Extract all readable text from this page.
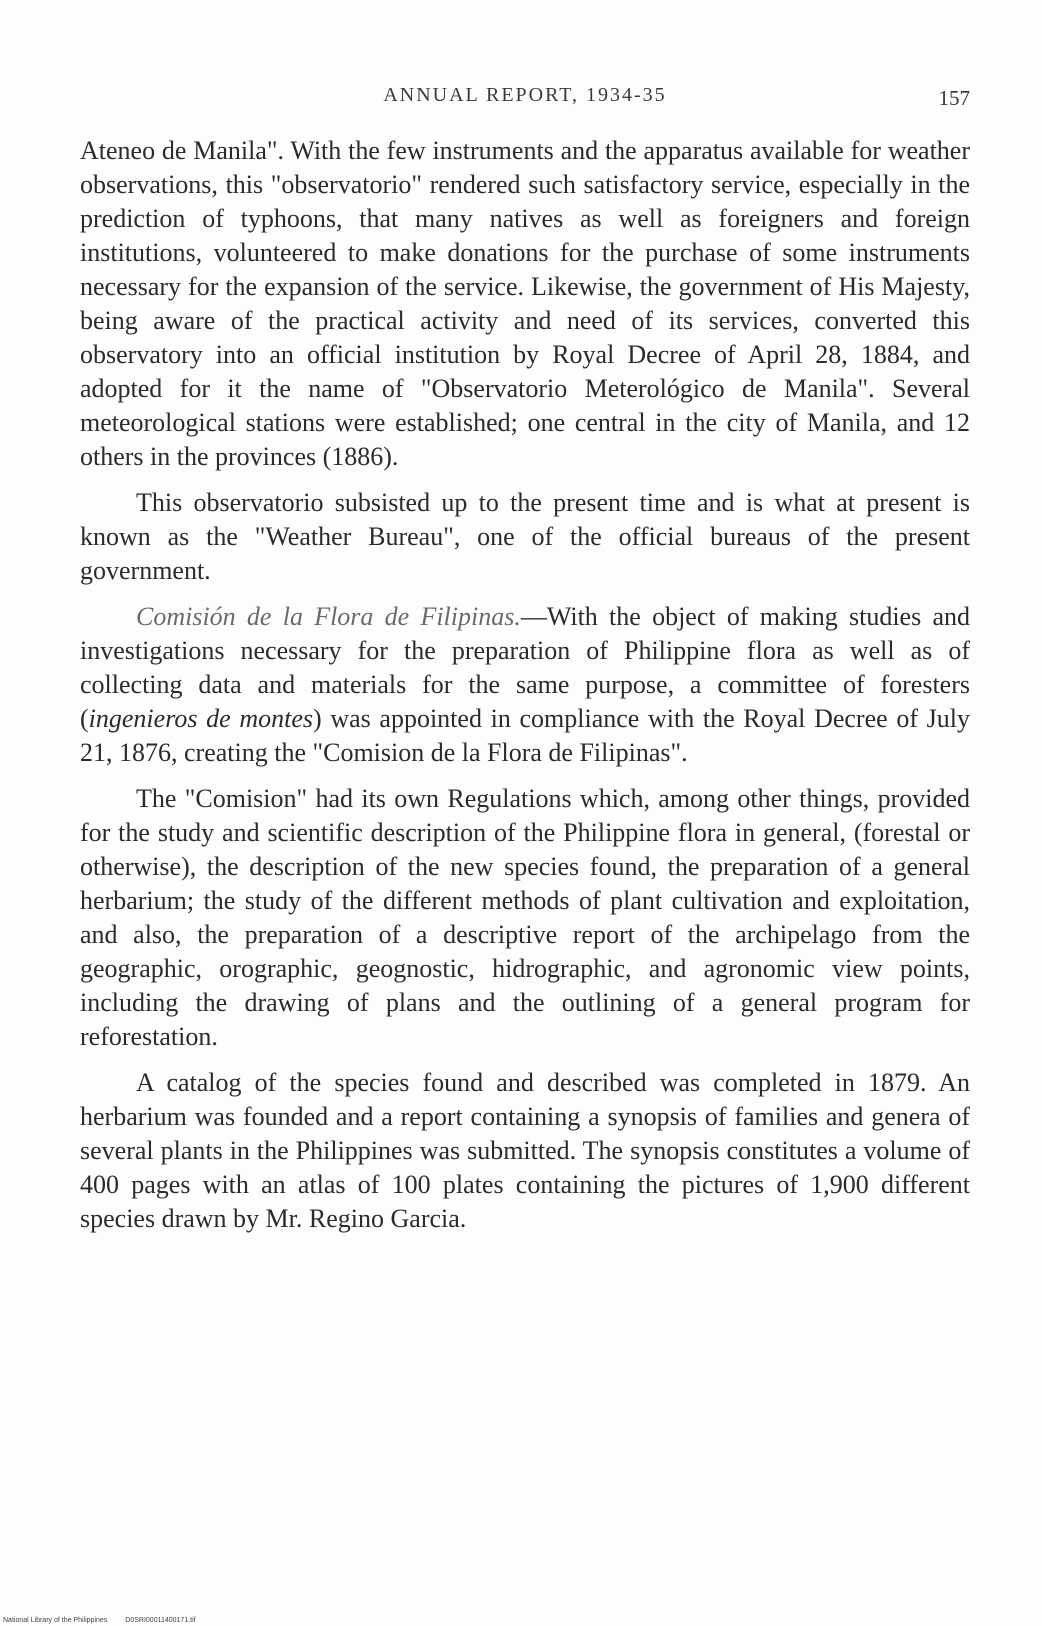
ANNUAL REPORT, 1934-35	157

Ateneo de Manila". With the few instruments and the apparatus available for weather observations, this "observatorio" rendered such satisfactory service, especially in the prediction of typhoons, that many natives as well as foreigners and foreign institutions, volunteered to make donations for the purchase of some instruments necessary for the expansion of the service. Likewise, the government of His Majesty, being aware of the practical activity and need of its services, converted this observatory into an official institution by Royal Decree of April 28, 1884, and adopted for it the name of "Observatorio Meterológico de Manila". Several meteorological stations were established; one central in the city of Manila, and 12 others in the provinces (1886).

This observatorio subsisted up to the present time and is what at present is known as the "Weather Bureau", one of the official bureaus of the present government.

Comisión de la Flora de Filipinas.—With the object of making studies and investigations necessary for the preparation of Philippine flora as well as of collecting data and materials for the same purpose, a committee of foresters (ingenieros de montes) was appointed in compliance with the Royal Decree of July 21, 1876, creating the "Comision de la Flora de Filipinas".

The "Comision" had its own Regulations which, among other things, provided for the study and scientific description of the Philippine flora in general, (forestal or otherwise), the description of the new species found, the preparation of a general herbarium; the study of the different methods of plant cultivation and exploitation, and also, the preparation of a descriptive report of the archipelago from the geographic, orographic, geognostic, hidrographic, and agronomic view points, including the drawing of plans and the outlining of a general program for reforestation.

A catalog of the species found and described was completed in 1879. An herbarium was founded and a report containing a synopsis of families and genera of several plants in the Philippines was submitted. The synopsis constitutes a volume of 400 pages with an atlas of 100 plates containing the pictures of 1,900 different species drawn by Mr. Regino Garcia.

National Library of the Philippines	D0SRI00011400171.tif
